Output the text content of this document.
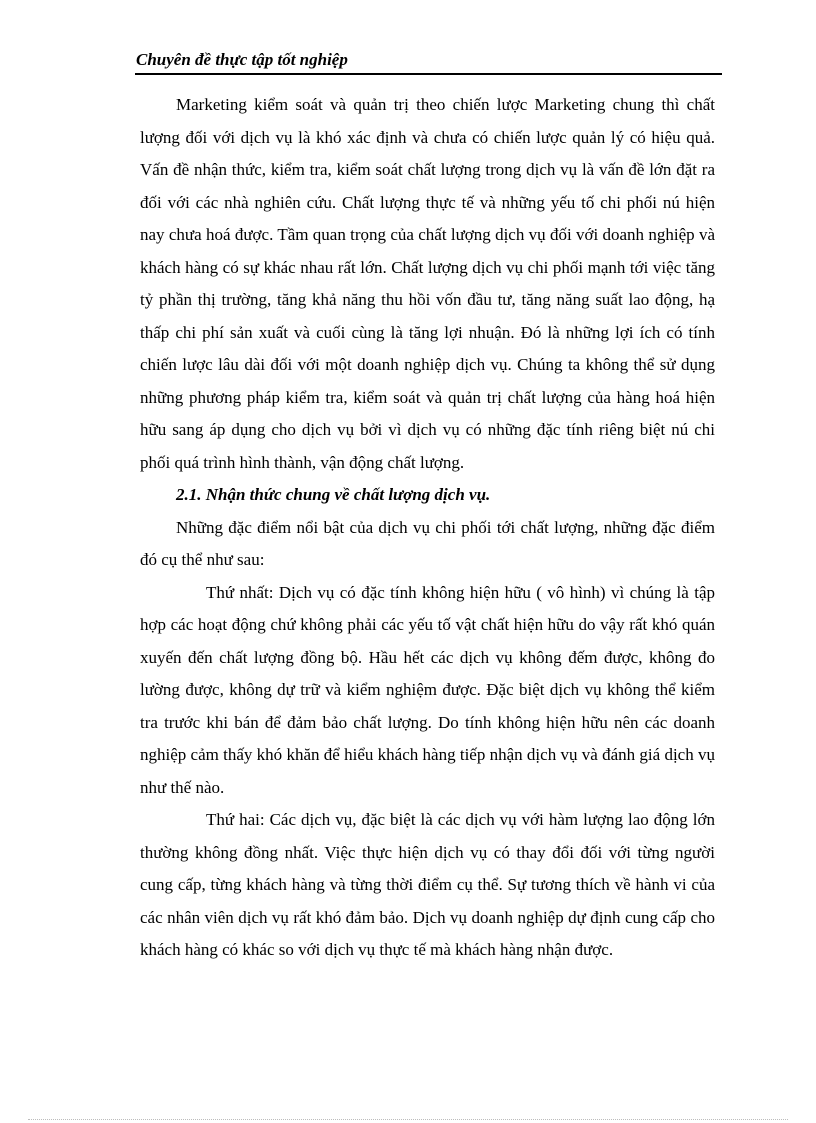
Chuyên đề thực tập tốt nghiệp

Marketing kiểm soát và quản trị theo chiến lược Marketing chung thì chất lượng đối với dịch vụ là khó xác định và chưa có chiến lược quản lý có hiệu quả. Vấn đề nhận thức, kiểm tra, kiểm soát chất lượng trong dịch vụ là vấn đề lớn đặt ra đối với các nhà nghiên cứu. Chất lượng thực tế và những yếu tố chi phối nú hiện nay chưa hoá được. Tầm quan trọng của chất lượng dịch vụ đối với doanh nghiệp và khách hàng có sự khác nhau rất lớn. Chất lượng dịch vụ chi phối mạnh tới việc tăng tỷ phần thị trường, tăng khả năng thu hồi vốn đầu tư, tăng năng suất lao động, hạ thấp chi phí sản xuất và cuối cùng là tăng lợi nhuận. Đó là những lợi ích có tính chiến lược lâu dài đối với một doanh nghiệp dịch vụ. Chúng ta không thể sử dụng những phương pháp kiểm tra, kiểm soát và quản trị chất lượng của hàng hoá hiện hữu sang áp dụng cho dịch vụ bởi vì dịch vụ có những đặc tính riêng biệt nú chi phối quá trình hình thành, vận động chất lượng.

2.1. Nhận thức chung về chất lượng dịch vụ.

Những đặc điểm nổi bật của dịch vụ chi phối tới chất lượng, những đặc điểm đó cụ thể như sau:

Thứ nhất: Dịch vụ có đặc tính không hiện hữu ( vô hình) vì chúng là tập hợp các hoạt động chứ không phải các yếu tố vật chất hiện hữu do vậy rất khó quán xuyến đến chất lượng đồng bộ. Hầu hết các dịch vụ không đếm được, không đo lường được, không dự trữ và kiểm nghiệm được. Đặc biệt dịch vụ không thể kiểm tra trước khi bán để đảm bảo chất lượng. Do tính không hiện hữu nên các doanh nghiệp cảm thấy khó khăn để hiểu khách hàng tiếp nhận dịch vụ và đánh giá dịch vụ như thế nào.

Thứ hai: Các dịch vụ, đặc biệt là các dịch vụ với hàm lượng lao động lớn thường không đồng nhất. Việc thực hiện dịch vụ có thay đổi đối với từng người cung cấp, từng khách hàng và từng thời điểm cụ thể. Sự tương thích về hành vi của các nhân viên dịch vụ rất khó đảm bảo. Dịch vụ doanh nghiệp dự định cung cấp cho khách hàng có khác so với dịch vụ thực tế mà khách hàng nhận được.
